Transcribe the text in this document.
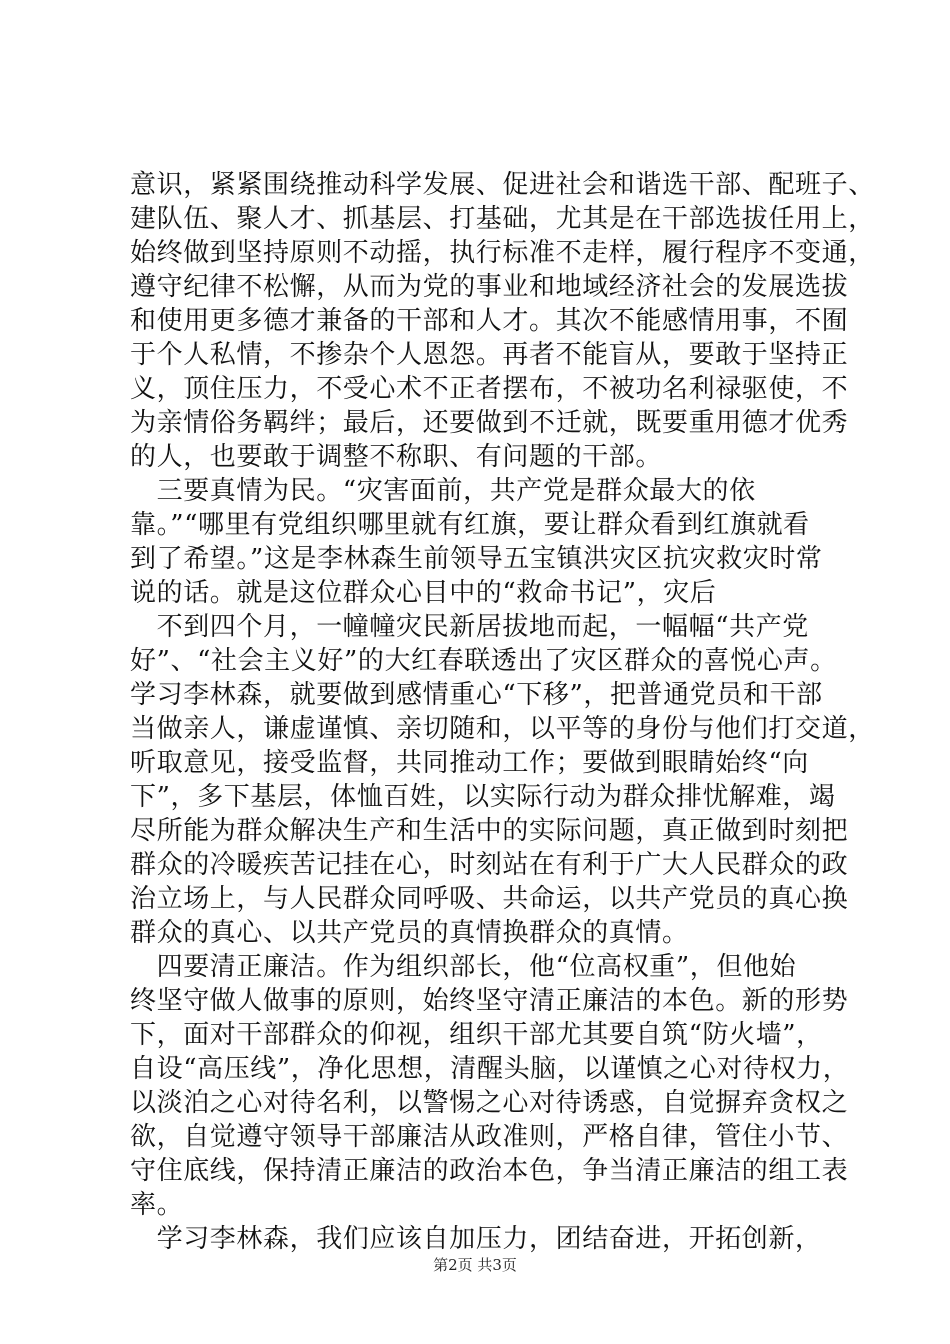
意识，紧紧围绕推动科学发展、促进社会和谐选干部、配班子、
建队伍、聚人才、抓基层、打基础，尤其是在干部选拔任用上，
始终做到坚持原则不动摇，执行标准不走样，履行程序不变通，
遵守纪律不松懈，从而为党的事业和地域经济社会的发展选拔
和使用更多德才兼备的干部和人才。其次不能感情用事，不囿
于个人私情，不掺杂个人恩怨。再者不能盲从，要敢于坚持正
义，顶住压力，不受心术不正者摆布，不被功名利禄驱使，不
为亲情俗务羁绊；最后，还要做到不迁就，既要重用德才优秀
的人，也要敢于调整不称职、有问题的干部。
　三要真情为民。“灾害面前，共产党是群众最大的依
靠。”“哪里有党组织哪里就有红旗，要让群众看到红旗就看
到了希望。”这是李林森生前领导五宝镇洪灾区抗灾救灾时常
说的话。就是这位群众心目中的“救命书记”，灾后
　不到四个月，一幢幢灾民新居拔地而起，一幅幅“共产党
好”、“社会主义好”的大红春联透出了灾区群众的喜悦心声。
学习李林森，就要做到感情重心“下移”，把普通党员和干部
当做亲人，谦虚谨慎、亲切随和，以平等的身份与他们打交道，
听取意见，接受监督，共同推动工作；要做到眼睛始终“向
下”，多下基层，体恤百姓，以实际行动为群众排忧解难，竭
尽所能为群众解决生产和生活中的实际问题，真正做到时刻把
群众的冷暖疾苦记挂在心，时刻站在有利于广大人民群众的政
治立场上，与人民群众同呼吸、共命运，以共产党员的真心换
群众的真心、以共产党员的真情换群众的真情。
　四要清正廉洁。作为组织部长，他“位高权重”，但他始
终坚守做人做事的原则，始终坚守清正廉洁的本色。新的形势
下，面对干部群众的仰视，组织干部尤其要自筑“防火墙”，
自设“高压线”，净化思想，清醒头脑，以谨慎之心对待权力，
以淡泊之心对待名利，以警惕之心对待诱惑，自觉摒弃贪权之
欲，自觉遵守领导干部廉洁从政准则，严格自律，管住小节、
守住底线，保持清正廉洁的政治本色，争当清正廉洁的组工表
率。
　学习李林森，我们应该自加压力，团结奋进，开拓创新，
第2页 共3页
